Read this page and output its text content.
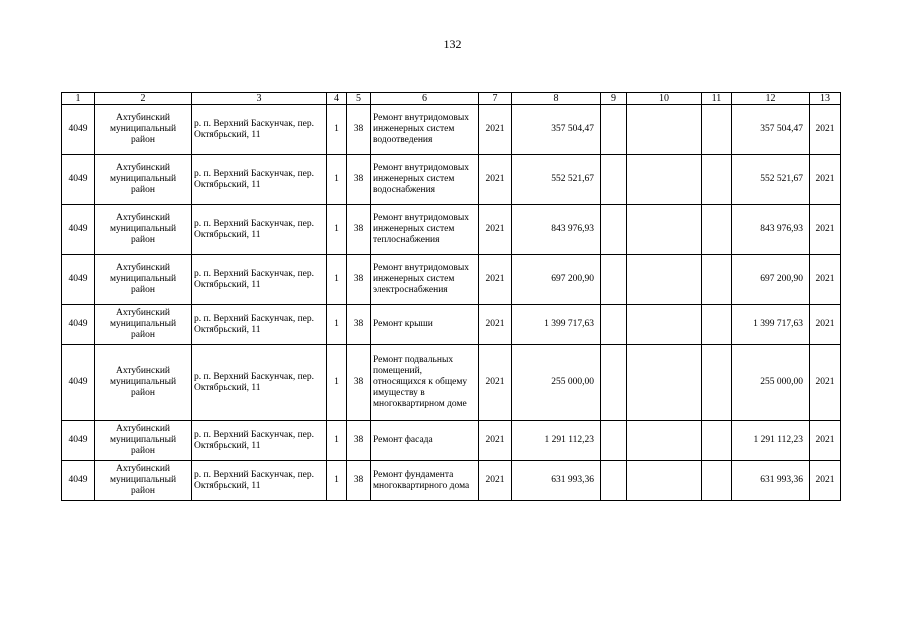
132
1	2	3	4	5	6	7	8	9	10	11	12	13
4049	Ахтубинский муниципальный район	р. п. Верхний Баскунчак, пер. Октябрьский, 11	1	38	Ремонт внутридомовых инженерных систем водоотведения	2021	357 504,47				357 504,47	2021
4049	Ахтубинский муниципальный район	р. п. Верхний Баскунчак, пер. Октябрьский, 11	1	38	Ремонт внутридомовых инженерных систем водоснабжения	2021	552 521,67				552 521,67	2021
4049	Ахтубинский муниципальный район	р. п. Верхний Баскунчак, пер. Октябрьский, 11	1	38	Ремонт внутридомовых инженерных систем теплоснабжения	2021	843 976,93				843 976,93	2021
4049	Ахтубинский муниципальный район	р. п. Верхний Баскунчак, пер. Октябрьский, 11	1	38	Ремонт внутридомовых инженерных систем электроснабжения	2021	697 200,90				697 200,90	2021
4049	Ахтубинский муниципальный район	р. п. Верхний Баскунчак, пер. Октябрьский, 11	1	38	Ремонт крыши	2021	1 399 717,63				1 399 717,63	2021
4049	Ахтубинский муниципальный район	р. п. Верхний Баскунчак, пер. Октябрьский, 11	1	38	Ремонт подвальных помещений, относящихся к общему имуществу в многоквартирном доме	2021	255 000,00				255 000,00	2021
4049	Ахтубинский муниципальный район	р. п. Верхний Баскунчак, пер. Октябрьский, 11	1	38	Ремонт фасада	2021	1 291 112,23				1 291 112,23	2021
4049	Ахтубинский муниципальный район	р. п. Верхний Баскунчак, пер. Октябрьский, 11	1	38	Ремонт фундамента многоквартирного дома	2021	631 993,36				631 993,36	2021
